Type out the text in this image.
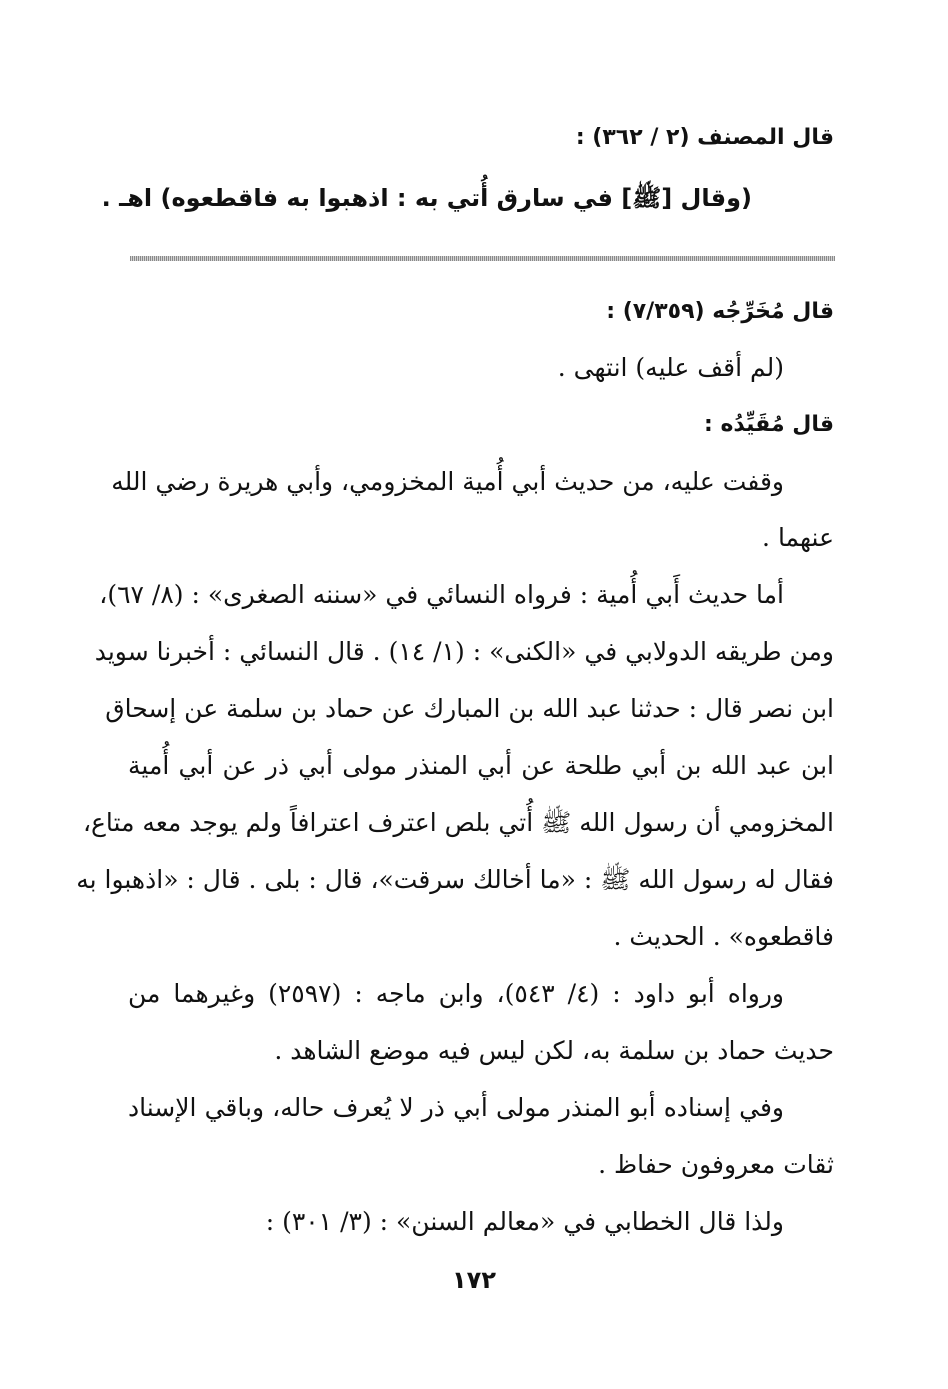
قال المصنف (٢ / ٣٦٢) :
(وقال [ﷺ] في سارق أُتي به : اذهبوا به فاقطعوه) اهـ .
قال مُخَرِّجُه (٧/٣٥٩) :
(لم أقف عليه) انتهى .
قال مُقَيِّدُه :
وقفت عليه، من حديث أبي أُمية المخزومي، وأبي هريرة رضي الله
عنهما .
أما حديث أَبي أُمية : فرواه النسائي في «سننه الصغرى» : (٨/ ٦٧)،
ومن طريقه الدولابي في «الكنى» : (١/ ١٤) . قال النسائي : أخبرنا سويد
ابن نصر قال : حدثنا عبد الله بن المبارك عن حماد بن سلمة عن إسحاق
ابن عبد الله بن أبي طلحة عن أبي المنذر مولى أبي ذر عن أبي أُمية
المخزومي أن رسول الله ﷺ أُتي بلص اعترف اعترافاً ولم يوجد معه متاع،
فقال له رسول الله ﷺ : «ما أخالك سرقت»، قال : بلى . قال : «اذهبوا به
فاقطعوه» . الحديث .
ورواه أبو داود : (٤/ ٥٤٣)، وابن ماجه : (٢٥٩٧) وغيرهما من
حديث حماد بن سلمة به، لكن ليس فيه موضع الشاهد .
وفي إسناده أبو المنذر مولى أبي ذر لا يُعرف حاله، وباقي الإسناد
ثقات معروفون حفاظ .
ولذا قال الخطابي في «معالم السنن» : (٣/ ٣٠١) :
١٧٢
